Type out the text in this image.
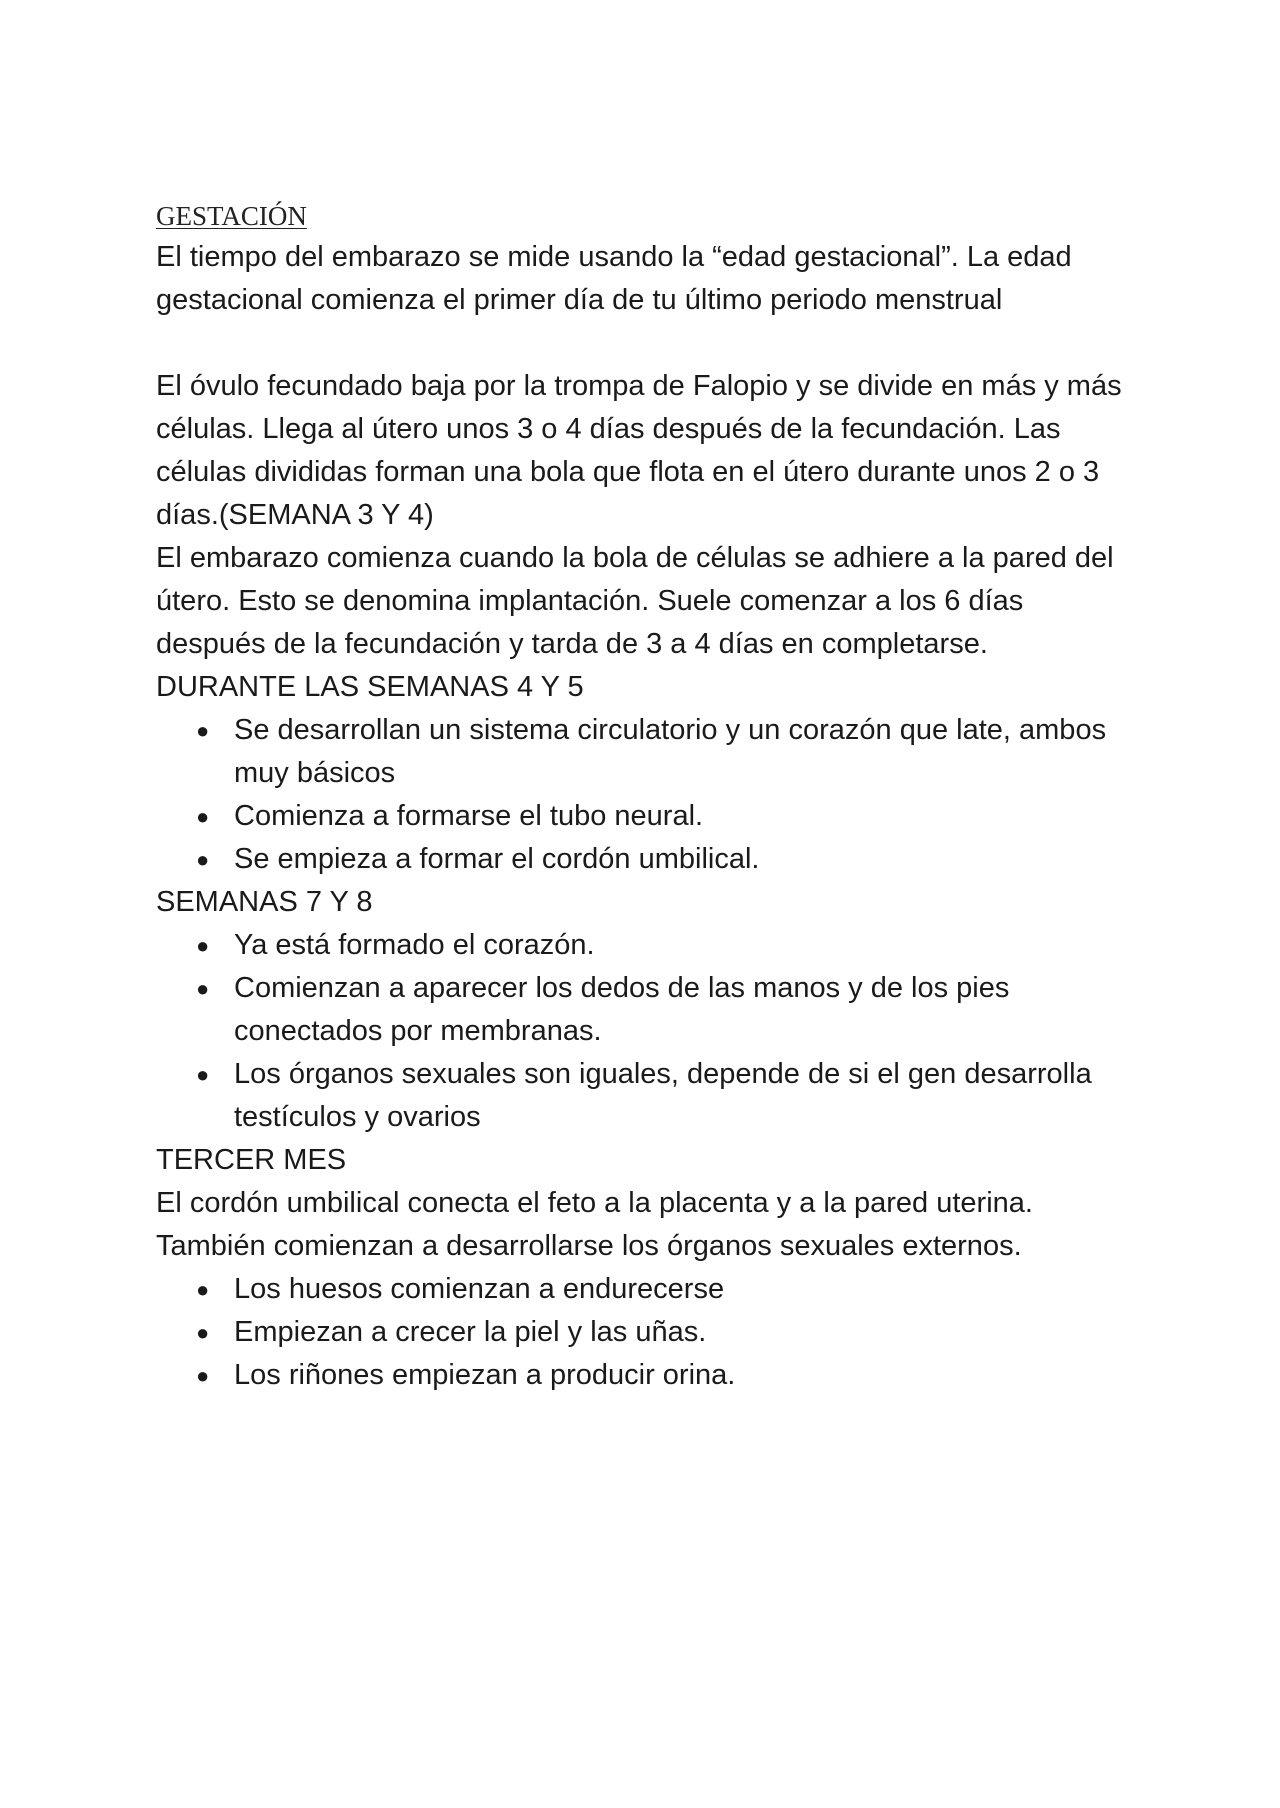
GESTACIÓN

El tiempo del embarazo se mide usando la “edad gestacional”. La edad gestacional comienza el primer día de tu último periodo menstrual

El óvulo fecundado baja por la trompa de Falopio y se divide en más y más células. Llega al útero unos 3 o 4 días después de la fecundación. Las células divididas forman una bola que flota en el útero durante unos 2 o 3 días.(SEMANA 3 Y 4)

El embarazo comienza cuando la bola de células se adhiere a la pared del útero. Esto se denomina implantación. Suele comenzar a los 6 días después de la fecundación y tarda de 3 a 4 días en completarse.

DURANTE LAS SEMANAS 4 Y 5
● Se desarrollan un sistema circulatorio y un corazón que late, ambos muy básicos
● Comienza a formarse el tubo neural.
● Se empieza a formar el cordón umbilical.
SEMANAS 7 Y 8
● Ya está formado el corazón.
● Comienzan a aparecer los dedos de las manos y de los pies conectados por membranas.
● Los órganos sexuales son iguales, depende de si el gen desarrolla testículos y ovarios
TERCER MES

El cordón umbilical conecta el feto a la placenta y a la pared uterina. También comienzan a desarrollarse los órganos sexuales externos.

● Los huesos comienzan a endurecerse
● Empiezan a crecer la piel y las uñas.
● Los riñones empiezan a producir orina.
